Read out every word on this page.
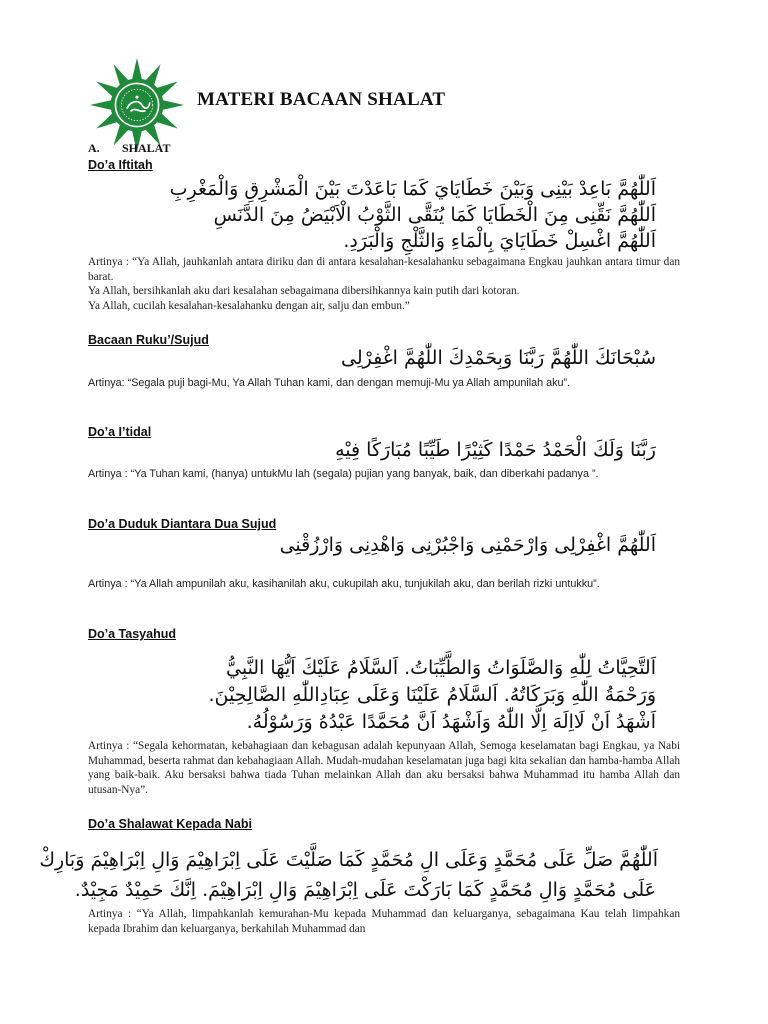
MATERI BACAAN SHALAT
A. SHALAT
Do’a Iftitah
اَللّٰهُمَّ بَاعِدْ بَيْنِى وَبَيْنَ خَطَايَايَ كَمَا بَاعَدْتَ بَيْنَ الْمَشْرِقِ وَالْمَغْرِبِ
اَللّٰهُمَّ نَقِّنِى مِنَ الْخَطَايَا كَمَا يُنَقَّى الثَّوْبُ الْاَبْيَضُ مِنَ الدَّنَسِ
اَللّٰهُمَّ اغْسِلْ خَطَايَايَ بِالْمَاءِ وَالثَّلْجِ وَالْبَرَدِ.
Artinya : “Ya Allah, jauhkanlah antara diriku dan di antara kesalahan-kesalahanku sebagaimana Engkau jauhkan antara timur dan barat.
Ya Allah, bersihkanlah aku dari kesalahan sebagaimana dibersihkannya kain putih dari kotoran.
Ya Allah, cucilah kesalahan-kesalahanku dengan air, salju dan embun.”
Bacaan Ruku’/Sujud
سُبْحَانَكَ اللّٰهُمَّ رَبَّنَا وَبِحَمْدِكَ اللّٰهُمَّ اغْفِرْلِى
Artinya: “Segala puji bagi-Mu, Ya Allah Tuhan kami, dan dengan memuji-Mu ya Allah ampunilah aku”.
Do’a I’tidal
رَبَّنَا وَلَكَ الْحَمْدُ حَمْدًا كَثِيْرًا طَيِّبًا مُبَارَكًا فِيْهِ
Artinya : “Ya Tuhan kami, (hanya) untukMu lah (segala) pujian yang banyak, baik, dan diberkahi padanya ”.
Do’a Duduk Diantara Dua Sujud
اَللّٰهُمَّ اغْفِرْلِى وَارْحَمْنِى وَاجْبُرْنِى وَاهْدِنِى وَارْزُقْنِى
Artinya : “Ya Allah ampunilah aku, kasihanilah aku, cukupilah aku, tunjukilah aku, dan berilah rizki untukku”.
Do’a Tasyahud
اَلتَّحِيَّاتُ لِلّٰهِ وَالصَّلَوَاتُ وَالطَّيِّبَاتُ. اَلسَّلَامُ عَلَيْكَ اَيُّهَا النَّبِيُّ
وَرَحْمَةُ اللّٰهِ وَبَرَكَاتُهُ. اَلسَّلَامُ عَلَيْنَا وَعَلَى عِبَادِاللّٰهِ الصَّالِحِيْنَ.
اَشْهَدُ اَنْ لَااِلَهَ اِلَّا اللّٰهُ وَاَشْهَدُ اَنَّ مُحَمَّدًا عَبْدُهُ وَرَسُوْلُهُ.
Artinya : “Segala kehormatan, kebahagiaan dan kebagusan adalah kepunyaan Allah, Semoga keselamatan bagi Engkau, ya Nabi Muhammad, beserta rahmat dan kebahagiaan Allah. Mudah-mudahan keselamatan juga bagi kita sekalian dan hamba-hamba Allah yang baik-baik. Aku bersaksi bahwa tiada Tuhan melainkan Allah dan aku bersaksi bahwa Muhammad itu hamba Allah dan utusan-Nya”.
Do’a Shalawat Kepada Nabi
اَللّٰهُمَّ صَلِّ عَلَى مُحَمَّدٍ وَعَلَى الِ مُحَمَّدٍ كَمَا صَلَّيْتَ عَلَى اِبْرَاهِيْمَ وَالِ اِبْرَاهِيْمَ وَبَارِكْ
عَلَى مُحَمَّدٍ وَالِ مُحَمَّدٍ كَمَا بَارَكْتَ عَلَى اِبْرَاهِيْمَ وَالِ اِبْرَاهِيْمَ. اِنَّكَ حَمِيْدٌ مَجِيْدٌ.
Artinya : “Ya Allah, limpahkanlah kemurahan-Mu kepada Muhammad dan keluarganya, sebagaimana Kau telah limpahkan kepada Ibrahim dan keluarganya, berkahilah Muhammad dan
